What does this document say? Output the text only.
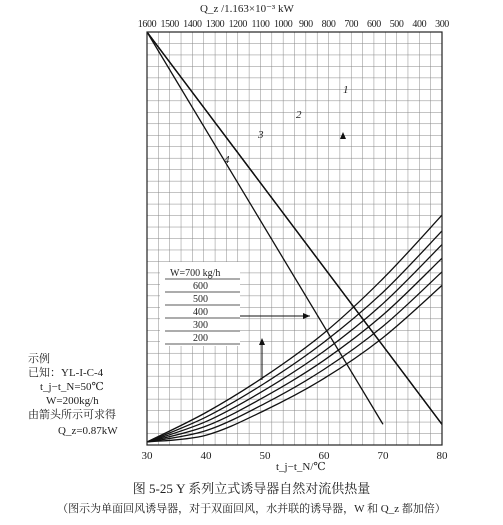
1
2
3
4
1600 1500 1400 1300 1200 1100 1000 900 800 700 600 500 400 300
30	40	50	60	70	80
W=700 kg/h
600
500
400
300
200
Q_z /1.163×10⁻³ kW
t_j−t_N/℃
示例
已知：YL-I-C-4
t_j−t_N=50℃
W=200kg/h
由箭头所示可求得
Q_z=0.87kW
图 5-25 Y 系列立式诱导器自然对流供热量
（图示为单面回风诱导器，对于双面回风，水并联的诱导器，W 和 Q_z 都加倍）
